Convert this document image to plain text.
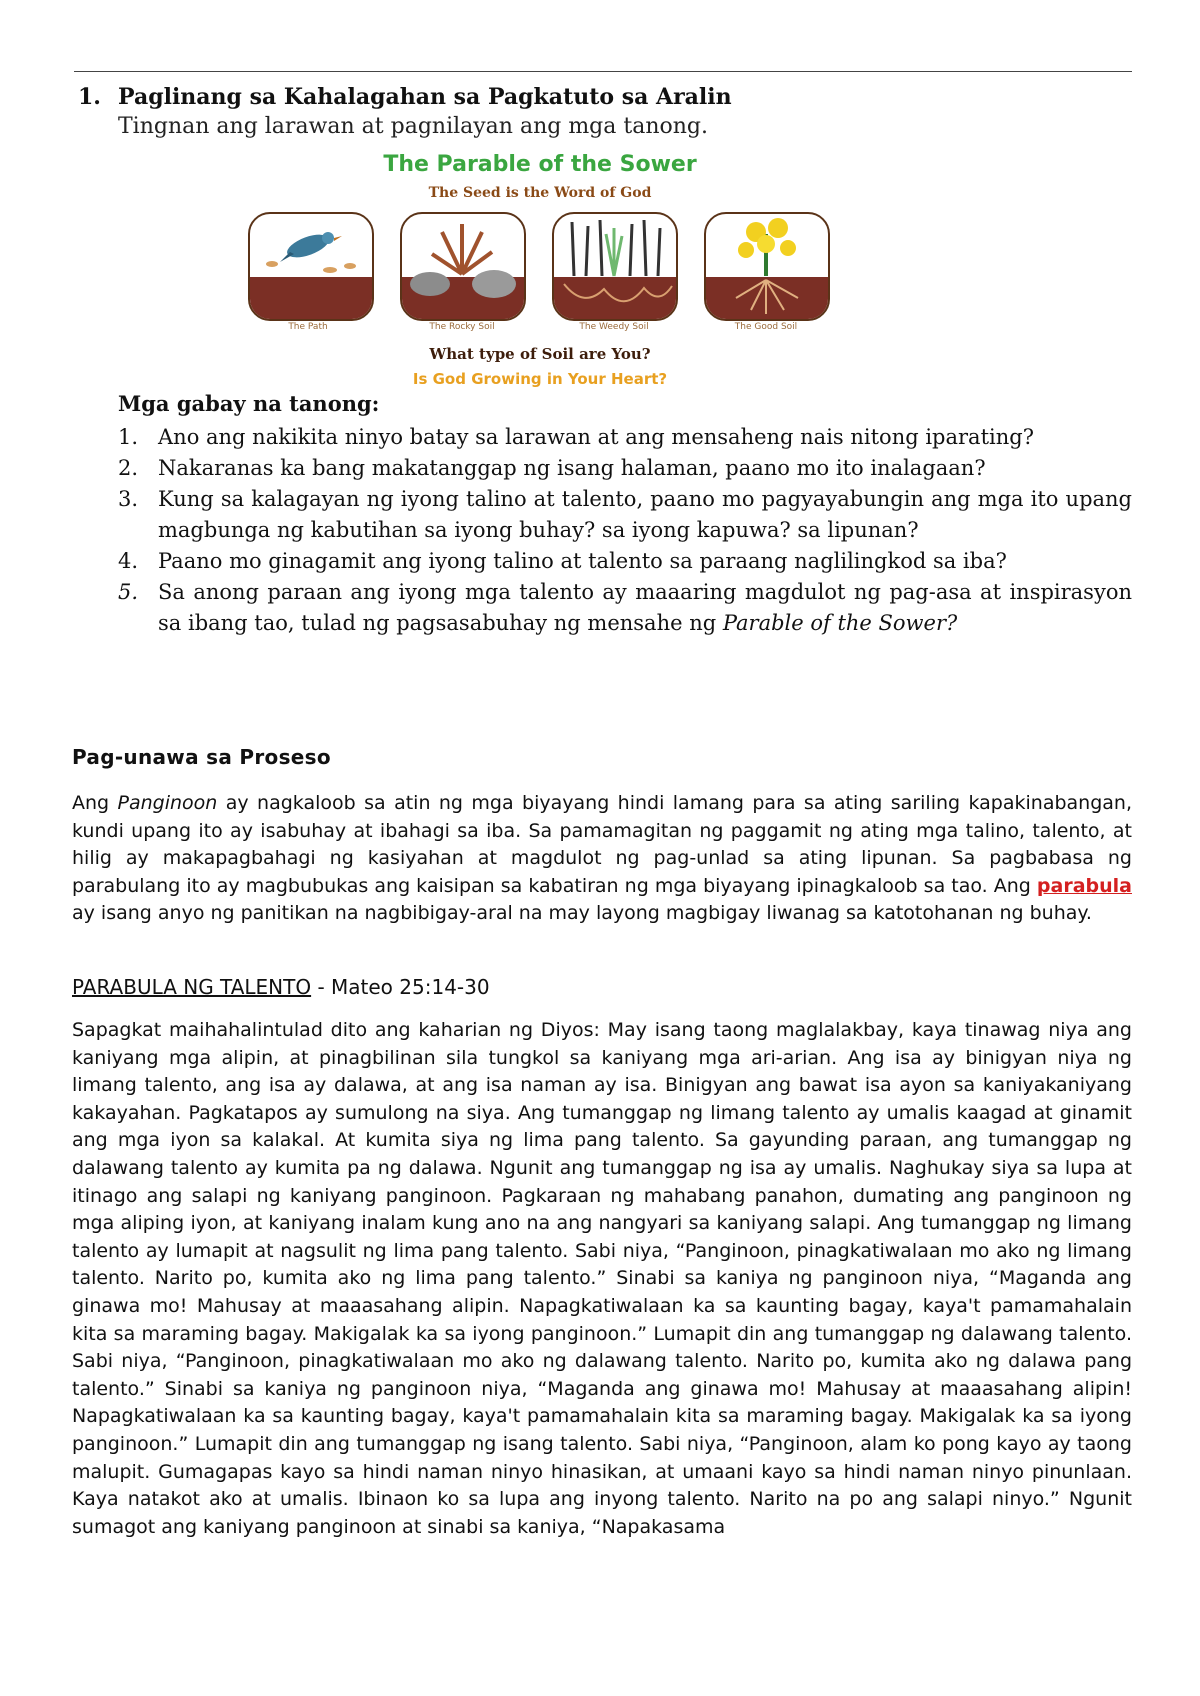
1. Paglinang sa Kahalagahan sa Pagkatuto sa Aralin
Tingnan ang larawan at pagnilayan ang mga tanong.
The Parable of the Sower
The Seed is the Word of God
The Path	The Rocky Soil	The Weedy Soil	The Good Soil
What type of Soil are You?
Is God Growing in Your Heart?
Mga gabay na tanong:
1. Ano ang nakikita ninyo batay sa larawan at ang mensaheng nais nitong iparating?
2. Nakaranas ka bang makatanggap ng isang halaman, paano mo ito inalagaan?
3. Kung sa kalagayan ng iyong talino at talento, paano mo pagyayabungin ang mga ito upang magbunga ng kabutihan sa iyong buhay? sa iyong kapuwa? sa lipunan?
4. Paano mo ginagamit ang iyong talino at talento sa paraang naglilingkod sa iba?
5. Sa anong paraan ang iyong mga talento ay maaaring magdulot ng pag-asa at inspirasyon sa ibang tao, tulad ng pagsasabuhay ng mensahe ng Parable of the Sower?
Pag-unawa sa Proseso
Ang Panginoon ay nagkaloob sa atin ng mga biyayang hindi lamang para sa ating sariling kapakinabangan, kundi upang ito ay isabuhay at ibahagi sa iba. Sa pamamagitan ng paggamit ng ating mga talino, talento, at hilig ay makapagbahagi ng kasiyahan at magdulot ng pag-unlad sa ating lipunan. Sa pagbabasa ng parabulang ito ay magbubukas ang kaisipan sa kabatiran ng mga biyayang ipinagkaloob sa tao. Ang parabula ay isang anyo ng panitikan na nagbibigay-aral na may layong magbigay liwanag sa katotohanan ng buhay.
PARABULA NG TALENTO - Mateo 25:14-30
Sapagkat maihahalintulad dito ang kaharian ng Diyos: May isang taong maglalakbay, kaya tinawag niya ang kaniyang mga alipin, at pinagbilinan sila tungkol sa kaniyang mga ari-arian. Ang isa ay binigyan niya ng limang talento, ang isa ay dalawa, at ang isa naman ay isa. Binigyan ang bawat isa ayon sa kaniyakaniyang kakayahan. Pagkatapos ay sumulong na siya. Ang tumanggap ng limang talento ay umalis kaagad at ginamit ang mga iyon sa kalakal. At kumita siya ng lima pang talento. Sa gayunding paraan, ang tumanggap ng dalawang talento ay kumita pa ng dalawa. Ngunit ang tumanggap ng isa ay umalis. Naghukay siya sa lupa at itinago ang salapi ng kaniyang panginoon. Pagkaraan ng mahabang panahon, dumating ang panginoon ng mga aliping iyon, at kaniyang inalam kung ano na ang nangyari sa kaniyang salapi. Ang tumanggap ng limang talento ay lumapit at nagsulit ng lima pang talento. Sabi niya, “Panginoon, pinagkatiwalaan mo ako ng limang talento. Narito po, kumita ako ng lima pang talento.” Sinabi sa kaniya ng panginoon niya, “Maganda ang ginawa mo! Mahusay at maaasahang alipin. Napagkatiwalaan ka sa kaunting bagay, kaya't pamamahalain kita sa maraming bagay. Makigalak ka sa iyong panginoon.” Lumapit din ang tumanggap ng dalawang talento. Sabi niya, “Panginoon, pinagkatiwalaan mo ako ng dalawang talento. Narito po, kumita ako ng dalawa pang talento.” Sinabi sa kaniya ng panginoon niya, “Maganda ang ginawa mo! Mahusay at maaasahang alipin! Napagkatiwalaan ka sa kaunting bagay, kaya't pamamahalain kita sa maraming bagay. Makigalak ka sa iyong panginoon.” Lumapit din ang tumanggap ng isang talento. Sabi niya, “Panginoon, alam ko pong kayo ay taong malupit. Gumagapas kayo sa hindi naman ninyo hinasikan, at umaani kayo sa hindi naman ninyo pinunlaan. Kaya natakot ako at umalis. Ibinaon ko sa lupa ang inyong talento. Narito na po ang salapi ninyo.” Ngunit sumagot ang kaniyang panginoon at sinabi sa kaniya, “Napakasama
